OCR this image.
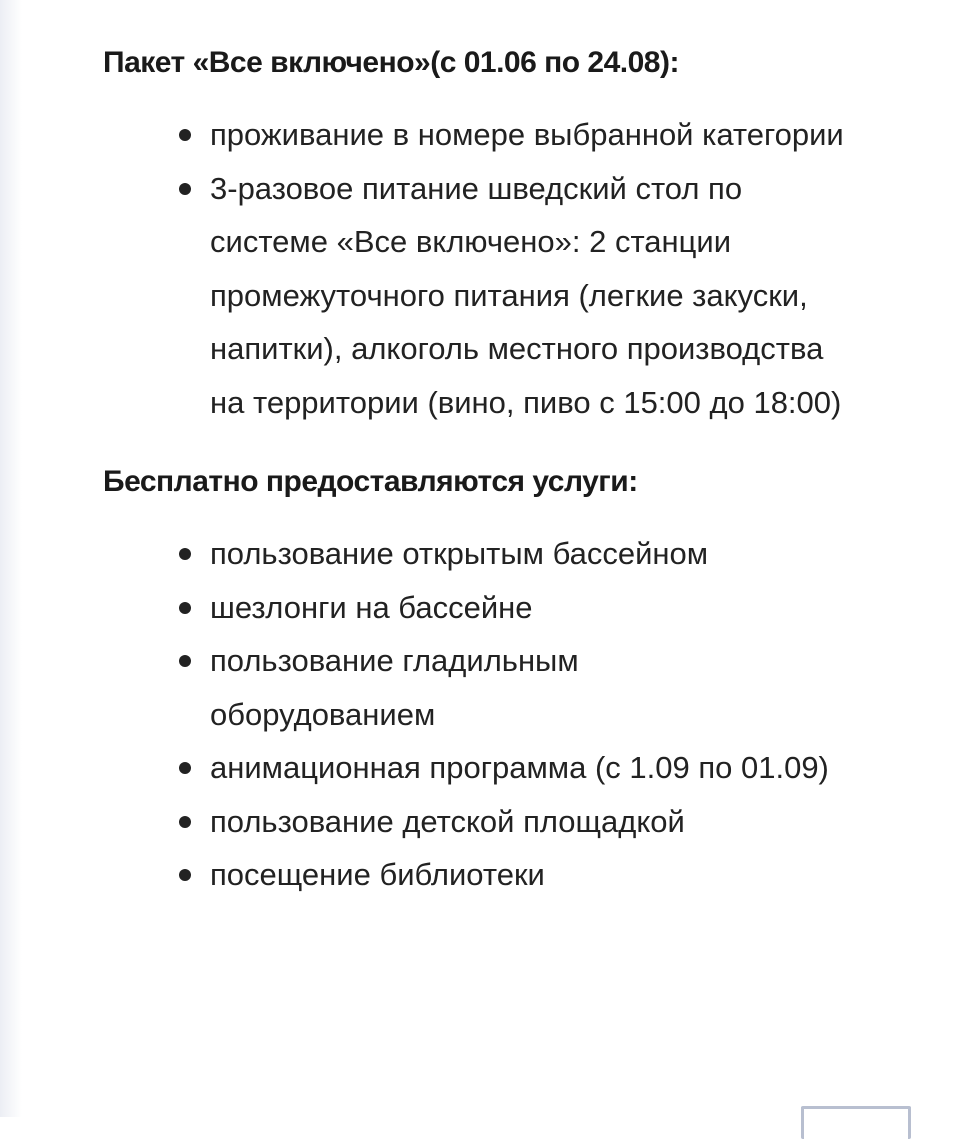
Пакет «Все включено»(с 01.06 по 24.08):
проживание в номере выбранной категории
3-разовое питание шведский стол по системе «Все включено»: 2 станции промежуточного питания (легкие закуски, напитки), алкоголь местного производства на территории (вино, пиво с 15:00 до 18:00)
Бесплатно предоставляются услуги:
пользование открытым бассейном
шезлонги на бассейне
пользование гладильным оборудованием
анимационная программа (с 1.09 по 01.09)
пользование детской площадкой
посещение библиотеки
